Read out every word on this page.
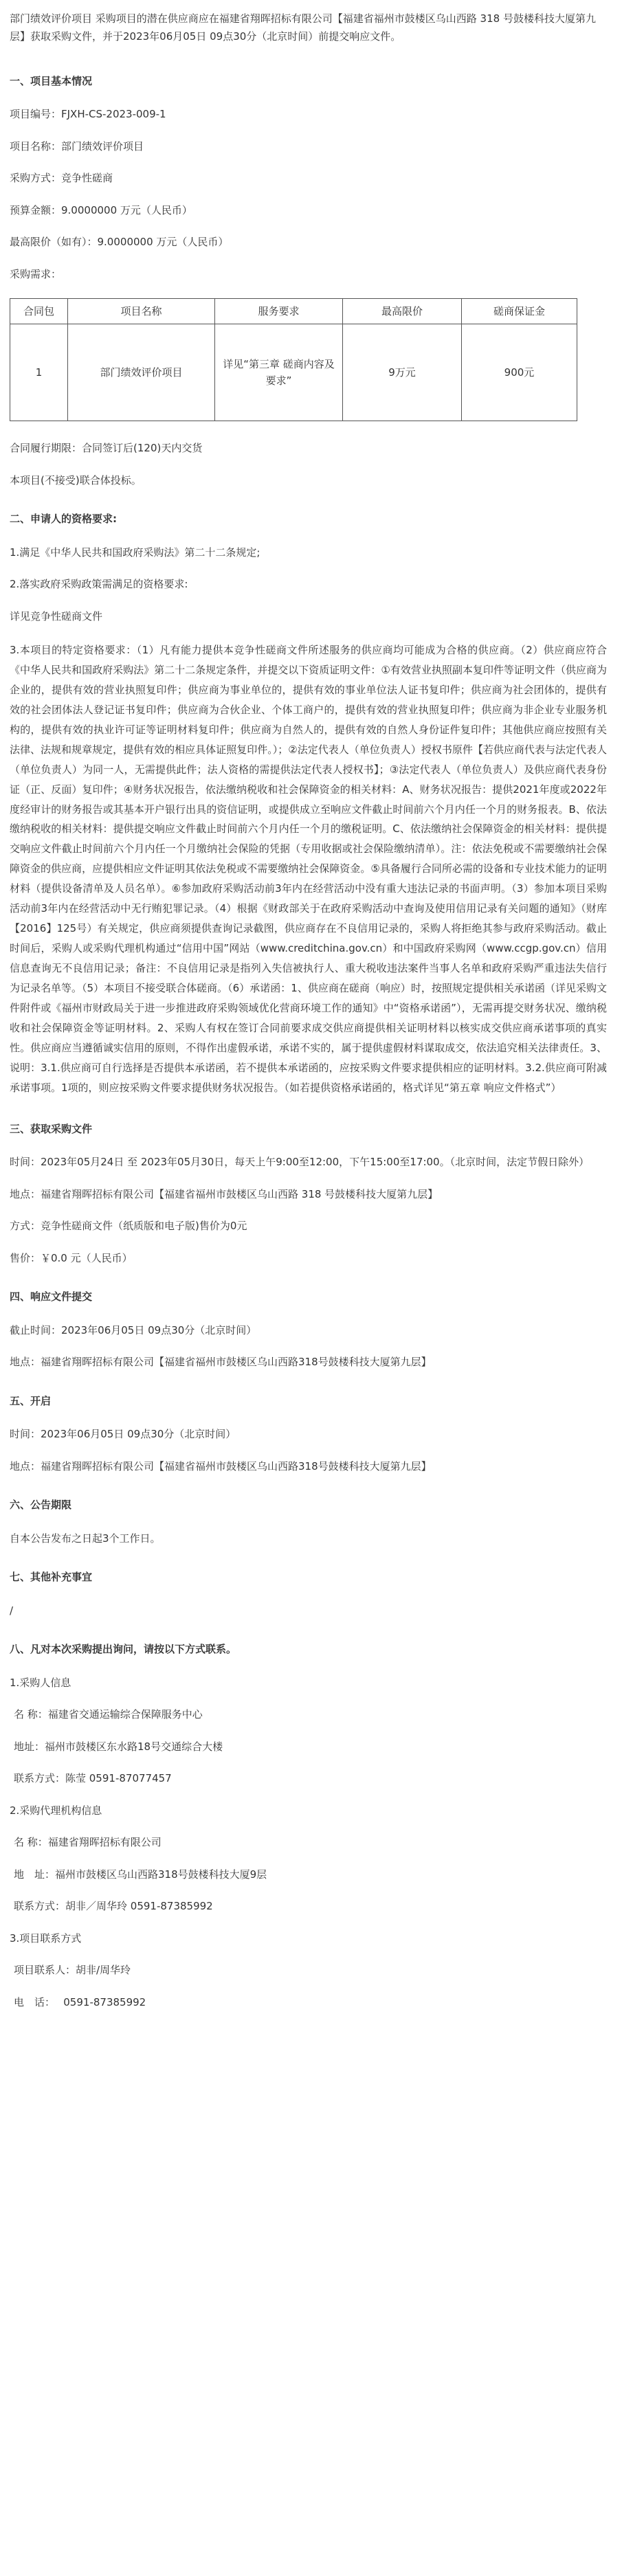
部门绩效评价项目 采购项目的潜在供应商应在福建省翔晖招标有限公司【福建省福州市鼓楼区乌山西路 318 号鼓楼科技大厦第九层】获取采购文件，并于2023年06月05日 09点30分（北京时间）前提交响应文件。

一、项目基本情况

项目编号：FJXH-CS-2023-009-1

项目名称：部门绩效评价项目

采购方式：竞争性磋商

预算金额：9.0000000 万元（人民币）

最高限价（如有）：9.0000000 万元（人民币）

采购需求：

合同包	项目名称	服务要求	最高限价	磋商保证金
1	部门绩效评价项目	详见“第三章 磋商内容及要求”	9万元	900元

合同履行期限：合同签订后(120)天内交货

本项目(不接受)联合体投标。

二、申请人的资格要求:

1.满足《中华人民共和国政府采购法》第二十二条规定;

2.落实政府采购政策需满足的资格要求:

详见竞争性磋商文件

3.本项目的特定资格要求：（1）凡有能力提供本竞争性磋商文件所述服务的供应商均可能成为合格的供应商。（2）供应商应符合《中华人民共和国政府采购法》第二十二条规定条件，并提交以下资质证明文件：①有效营业执照副本复印件等证明文件（供应商为企业的，提供有效的营业执照复印件；供应商为事业单位的，提供有效的事业单位法人证书复印件；供应商为社会团体的，提供有效的社会团体法人登记证书复印件；供应商为合伙企业、个体工商户的，提供有效的营业执照复印件；供应商为非企业专业服务机构的，提供有效的执业许可证等证明材料复印件；供应商为自然人的，提供有效的自然人身份证件复印件；其他供应商应按照有关法律、法规和规章规定，提供有效的相应具体证照复印件。）；②法定代表人（单位负责人）授权书原件【若供应商代表与法定代表人（单位负责人）为同一人，无需提供此件；法人资格的需提供法定代表人授权书】；③法定代表人（单位负责人）及供应商代表身份证（正、反面）复印件；④财务状况报告，依法缴纳税收和社会保障资金的相关材料：A、财务状况报告：提供2021年度或2022年度经审计的财务报告或其基本开户银行出具的资信证明，或提供成立至响应文件截止时间前六个月内任一个月的财务报表。B、依法缴纳税收的相关材料：提供提交响应文件截止时间前六个月内任一个月的缴税证明。C、依法缴纳社会保障资金的相关材料：提供提交响应文件截止时间前六个月内任一个月缴纳社会保险的凭据（专用收据或社会保险缴纳清单）。注：依法免税或不需要缴纳社会保障资金的供应商，应提供相应文件证明其依法免税或不需要缴纳社会保障资金。⑤具备履行合同所必需的设备和专业技术能力的证明材料（提供设备清单及人员名单）。⑥参加政府采购活动前3年内在经营活动中没有重大违法记录的书面声明。（3）参加本项目采购活动前3年内在经营活动中无行贿犯罪记录。（4）根据《财政部关于在政府采购活动中查询及使用信用记录有关问题的通知》（财库【2016】125号）有关规定，供应商须提供查询记录截图，供应商存在不良信用记录的，采购人将拒绝其参与政府采购活动。截止时间后，采购人或采购代理机构通过“信用中国”网站（www.creditchina.gov.cn）和中国政府采购网（www.ccgp.gov.cn）信用信息查询无不良信用记录；备注：不良信用记录是指列入失信被执行人、重大税收违法案件当事人名单和政府采购严重违法失信行为记录名单等。（5）本项目不接受联合体磋商。（6）承诺函：1、供应商在磋商（响应）时，按照规定提供相关承诺函（详见采购文件附件或《福州市财政局关于进一步推进政府采购领域优化营商环境工作的通知》中“资格承诺函”），无需再提交财务状况、缴纳税收和社会保障资金等证明材料。2、采购人有权在签订合同前要求成交供应商提供相关证明材料以核实成交供应商承诺事项的真实性。供应商应当遵循诚实信用的原则，不得作出虚假承诺，承诺不实的，属于提供虚假材料谋取成交，依法追究相关法律责任。3、说明：3.1.供应商可自行选择是否提供本承诺函，若不提供本承诺函的，应按采购文件要求提供相应的证明材料。3.2.供应商可附减承诺事项。1项的，则应按采购文件要求提供财务状况报告。（如若提供资格承诺函的，格式详见“第五章 响应文件格式”）

三、获取采购文件

时间：2023年05月24日 至 2023年05月30日，每天上午9:00至12:00，下午15:00至17:00。（北京时间，法定节假日除外）

地点：福建省翔晖招标有限公司【福建省福州市鼓楼区乌山西路 318 号鼓楼科技大厦第九层】

方式：竞争性磋商文件（纸质版和电子版)售价为0元

售价：￥0.0 元（人民币）

四、响应文件提交

截止时间：2023年06月05日 09点30分（北京时间）

地点：福建省翔晖招标有限公司【福建省福州市鼓楼区乌山西路318号鼓楼科技大厦第九层】

五、开启

时间：2023年06月05日 09点30分（北京时间）

地点：福建省翔晖招标有限公司【福建省福州市鼓楼区乌山西路318号鼓楼科技大厦第九层】

六、公告期限

自本公告发布之日起3个工作日。

七、其他补充事宜

/

八、凡对本次采购提出询问，请按以下方式联系。

1.采购人信息

名 称：福建省交通运输综合保障服务中心

地址：福州市鼓楼区东水路18号交通综合大楼

联系方式：陈莹 0591-87077457

2.采购代理机构信息

名 称：福建省翔晖招标有限公司

地　址：福州市鼓楼区乌山西路318号鼓楼科技大厦9层

联系方式：胡非／周华玲 0591-87385992

3.项目联系方式

项目联系人：胡非/周华玲

电　话：　 0591-87385992
